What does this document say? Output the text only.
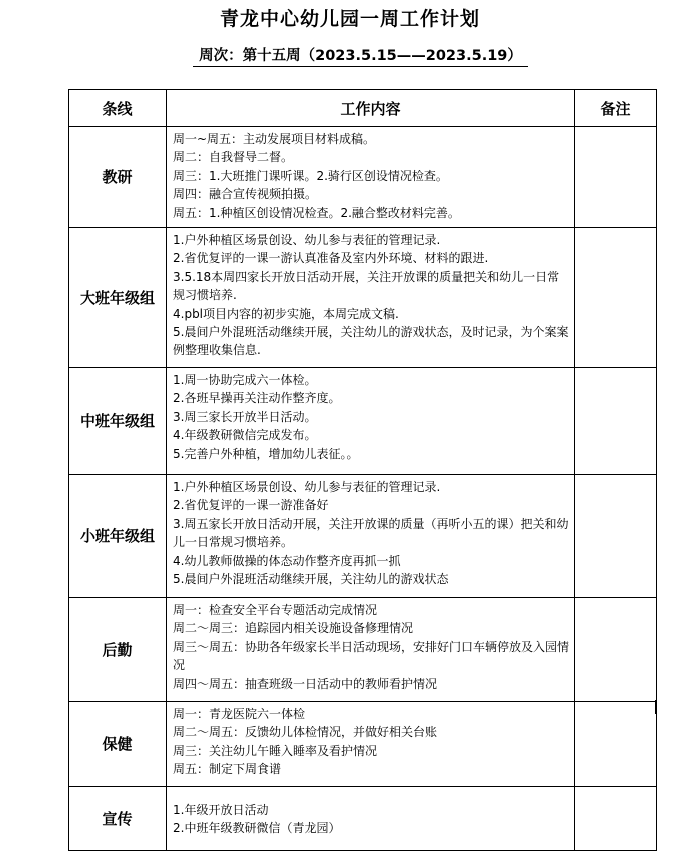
青龙中心幼儿园一周工作计划
周次：第十五周（2023.5.15——2023.5.19）
条线	工作内容	备注
教研	周一~周五：主动发展项目材料成稿。
周二：自我督导二督。
周三：1.大班推门课听课。2.骑行区创设情况检查。
周四：融合宣传视频拍摄。
周五：1.种植区创设情况检查。2.融合整改材料完善。	

大班年级组	1.户外种植区场景创设、幼儿参与表征的管理记录.
2.省优复评的一课一游认真准备及室内外环境、材料的跟进.
3.5.18本周四家长开放日活动开展，关注开放课的质量把关和幼儿一日常规习惯培养.
4.pbl项目内容的初步实施，本周完成文稿.
5.晨间户外混班活动继续开展，关注幼儿的游戏状态，及时记录，为个案案例整理收集信息.	

中班年级组	1.周一协助完成六一体检。
2.各班早操再关注动作整齐度。
3.周三家长开放半日活动。
4.年级教研微信完成发布。
5.完善户外种植，增加幼儿表征。。	

小班年级组	1.户外种植区场景创设、幼儿参与表征的管理记录.
2.省优复评的一课一游准备好
3.周五家长开放日活动开展，关注开放课的质量（再听小五的课）把关和幼儿一日常规习惯培养。
4.幼儿教师做操的体态动作整齐度再抓一抓
5.晨间户外混班活动继续开展，关注幼儿的游戏状态	

后勤	周一：检查安全平台专题活动完成情况
周二～周三：追踪园内相关设施设备修理情况
周三～周五：协助各年级家长半日活动现场，安排好门口车辆停放及入园情况
周四～周五：抽查班级一日活动中的教师看护情况	

保健	周一：青龙医院六一体检
周二～周五：反馈幼儿体检情况，并做好相关台账
周三：关注幼儿午睡入睡率及看护情况
周五：制定下周食谱	

宣传	1.年级开放日活动
2.中班年级教研微信（青龙园）	
